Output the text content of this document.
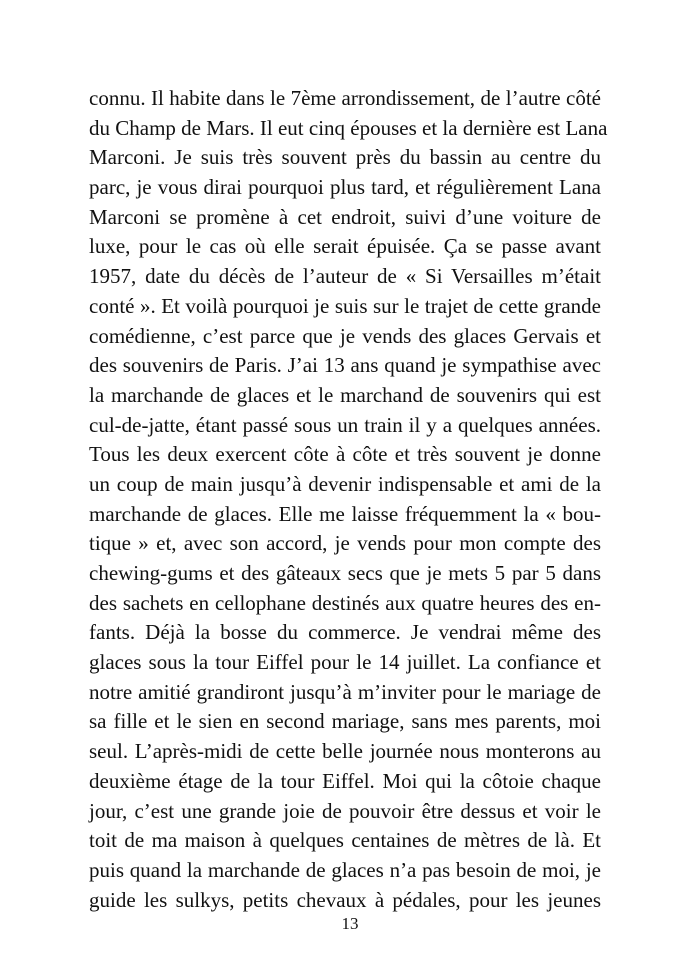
connu. Il habite dans le 7ème arrondissement, de l’autre côté
du Champ de Mars. Il eut cinq épouses et la dernière est Lana
Marconi. Je suis très souvent près du bassin au centre du
parc, je vous dirai pourquoi plus tard, et régulièrement Lana
Marconi se promène à cet endroit, suivi d’une voiture de
luxe, pour le cas où elle serait épuisée. Ça se passe avant
1957, date du décès de l’auteur de « Si Versailles m’était
conté ». Et voilà pourquoi je suis sur le trajet de cette grande
comédienne, c’est parce que je vends des glaces Gervais et
des souvenirs de Paris. J’ai 13 ans quand je sympathise avec
la marchande de glaces et le marchand de souvenirs qui est
cul-de-jatte, étant passé sous un train il y a quelques années.
Tous les deux exercent côte à côte et très souvent je donne
un coup de main jusqu’à devenir indispensable et ami de la
marchande de glaces. Elle me laisse fréquemment la « bou-
tique » et, avec son accord, je vends pour mon compte des
chewing-gums et des gâteaux secs que je mets 5 par 5 dans
des sachets en cellophane destinés aux quatre heures des en-
fants. Déjà la bosse du commerce. Je vendrai même des
glaces sous la tour Eiffel pour le 14 juillet. La confiance et
notre amitié grandiront jusqu’à m’inviter pour le mariage de
sa fille et le sien en second mariage, sans mes parents, moi
seul. L’après-midi de cette belle journée nous monterons au
deuxième étage de la tour Eiffel. Moi qui la côtoie chaque
jour, c’est une grande joie de pouvoir être dessus et voir le
toit de ma maison à quelques centaines de mètres de là. Et
puis quand la marchande de glaces n’a pas besoin de moi, je
guide les sulkys, petits chevaux à pédales, pour les jeunes
13
